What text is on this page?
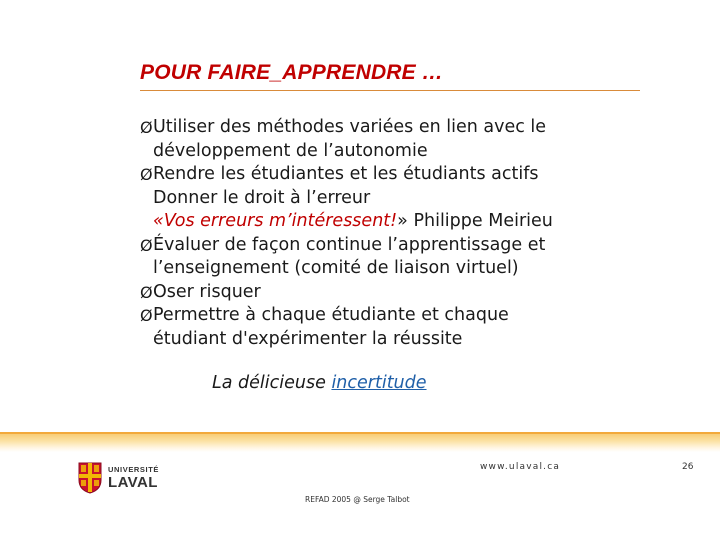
POUR FAIRE_APPRENDRE …
Ø Utiliser des méthodes variées en lien avec le
développement de l’autonomie
Ø Rendre les étudiantes et les étudiants actifs
Donner le droit à l’erreur
«Vos erreurs m’intéressent!» Philippe Meirieu
Ø Évaluer de façon continue l’apprentissage et
l’enseignement (comité de liaison virtuel)
Ø Oser risquer
Ø Permettre à chaque étudiante et chaque
étudiant d'expérimenter la réussite
La délicieuse incertitude
UNIVERSITÉ
LAVAL
www.ulaval.ca	26
REFAD 2005 @ Serge Talbot
